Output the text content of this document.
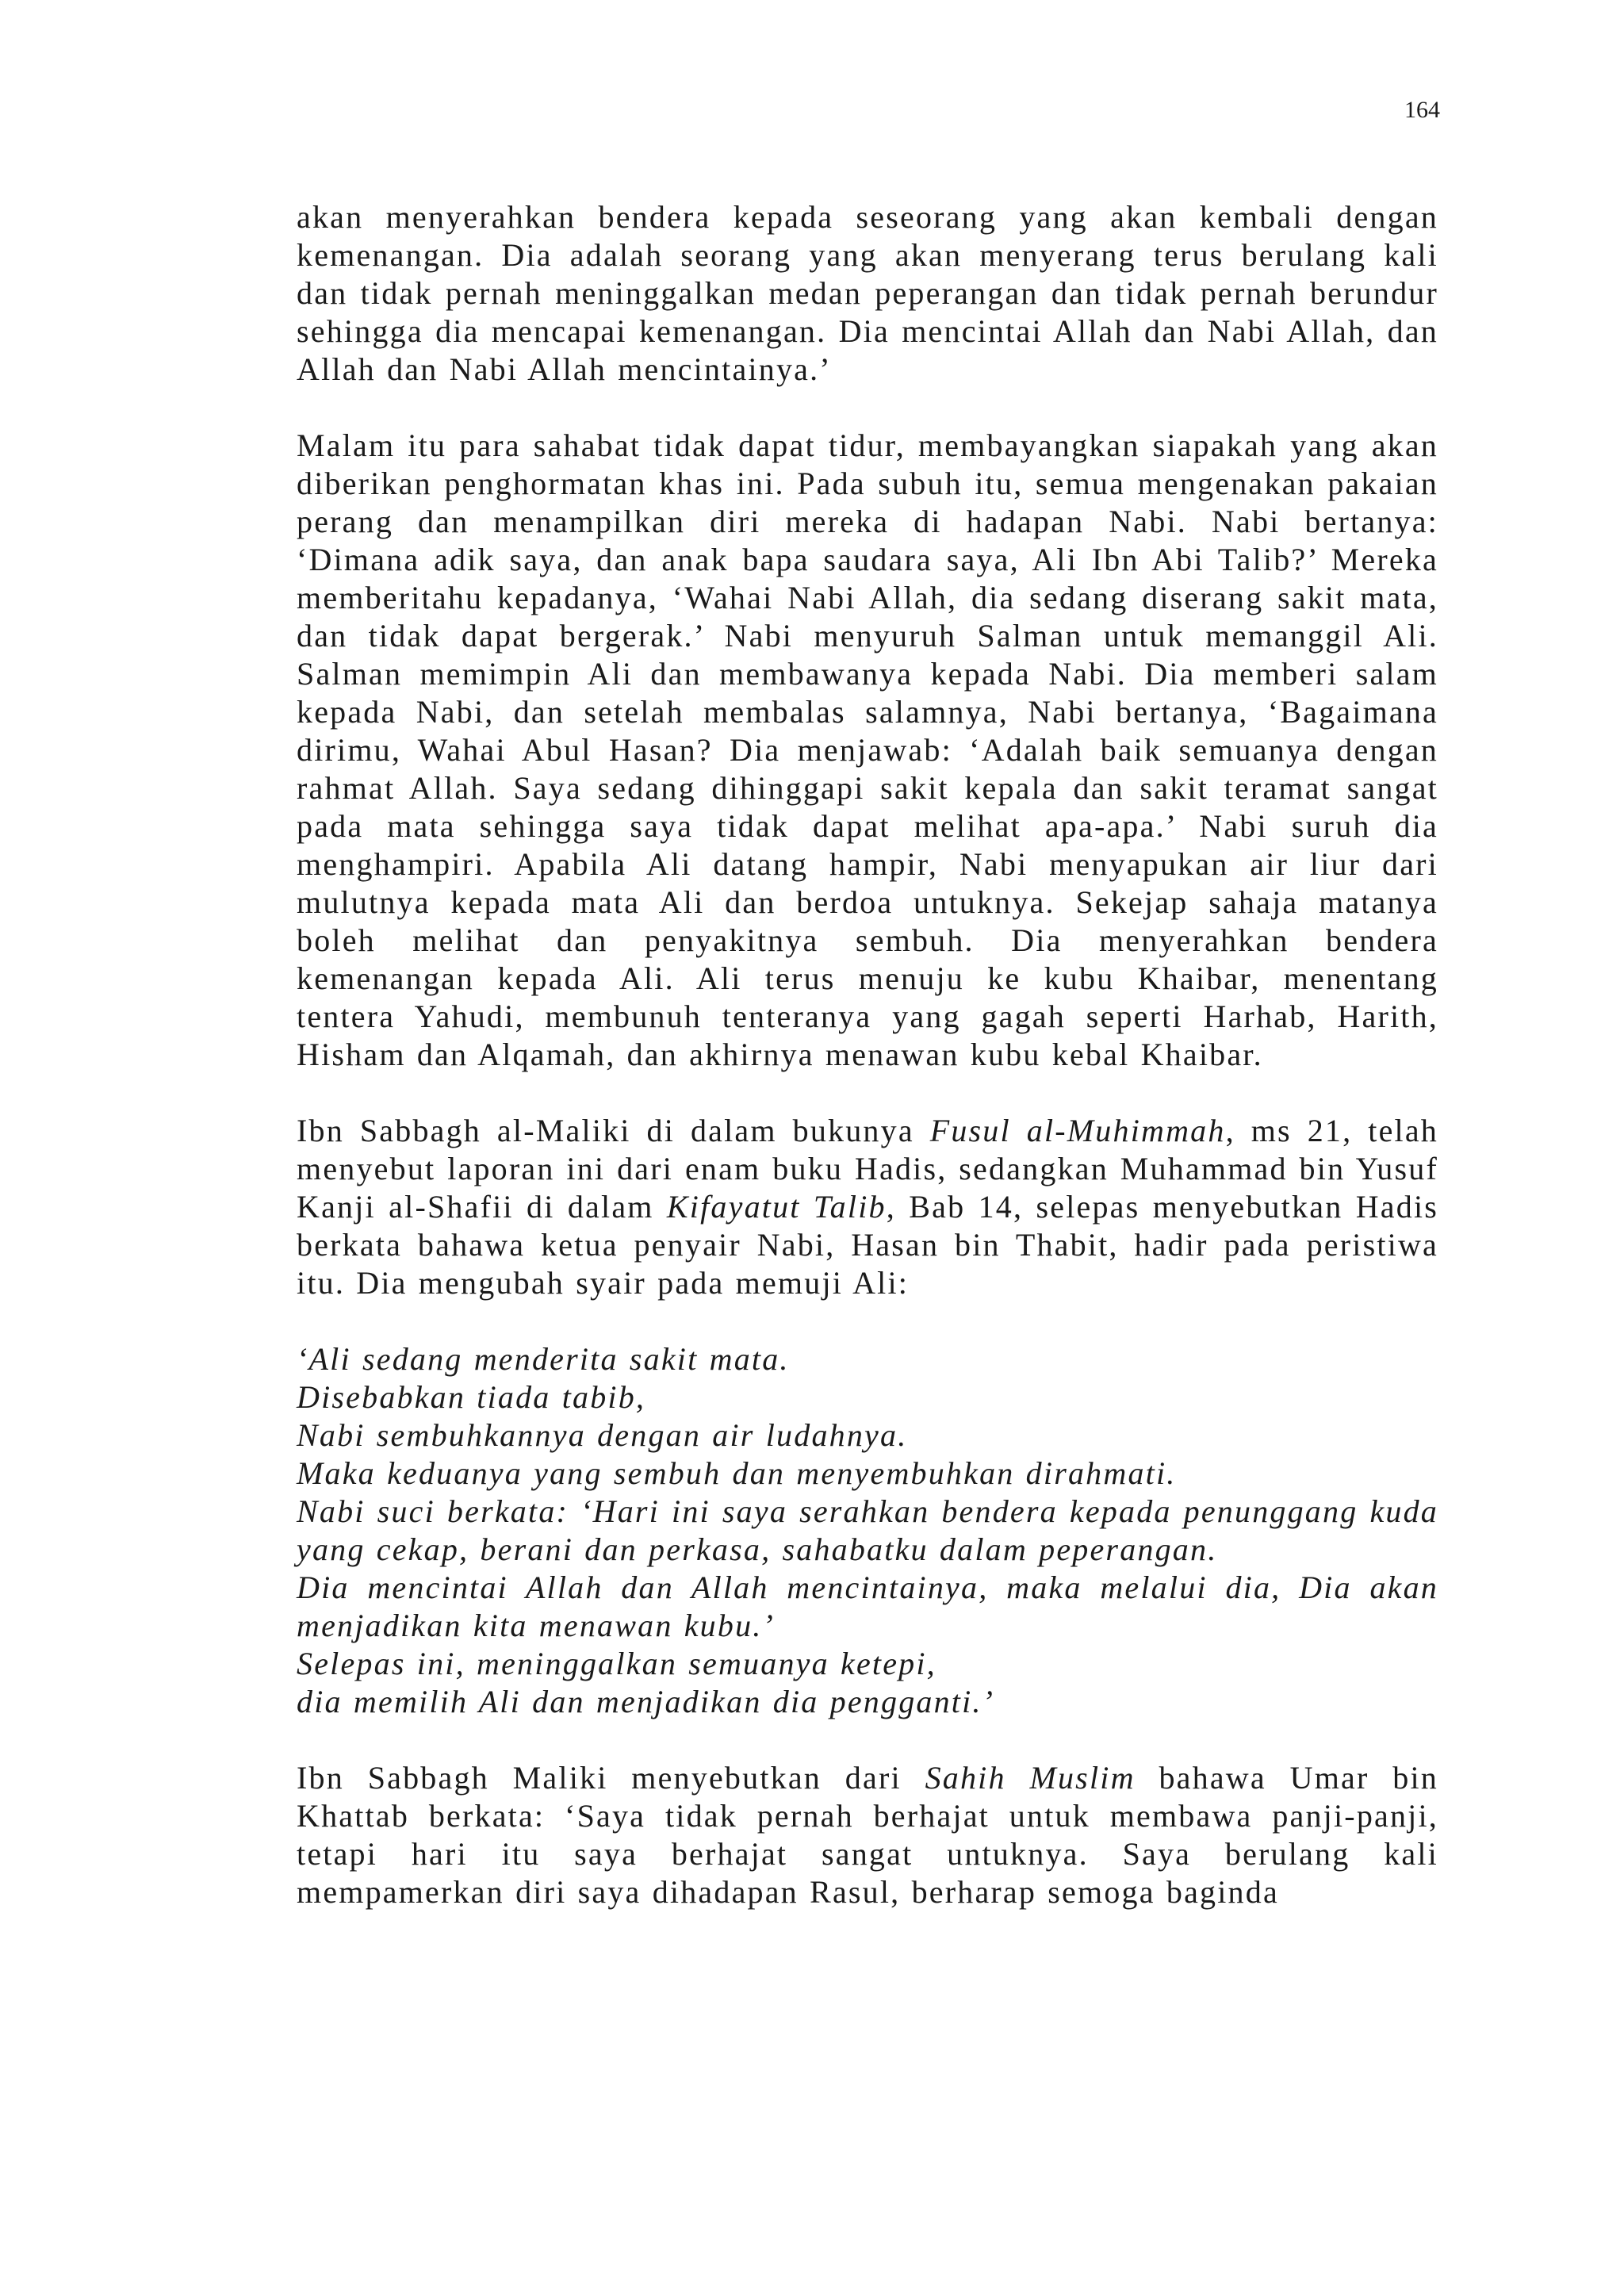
164

akan menyerahkan bendera kepada seseorang yang akan kembali dengan kemenangan. Dia adalah seorang yang akan menyerang terus berulang kali dan tidak pernah meninggalkan medan peperangan dan tidak pernah berundur sehingga dia mencapai kemenangan. Dia mencintai Allah dan Nabi Allah, dan Allah dan Nabi Allah mencintainya.’

Malam itu para sahabat tidak dapat tidur, membayangkan siapakah yang akan diberikan penghormatan khas ini. Pada subuh itu, semua mengenakan pakaian perang dan menampilkan diri mereka di hadapan Nabi. Nabi bertanya: ‘Dimana adik saya, dan anak bapa saudara saya, Ali Ibn Abi Talib?’ Mereka memberitahu kepadanya, ‘Wahai Nabi Allah, dia sedang diserang sakit mata, dan tidak dapat bergerak.’ Nabi menyuruh Salman untuk memanggil Ali. Salman memimpin Ali dan membawanya kepada Nabi. Dia memberi salam kepada Nabi, dan setelah membalas salamnya, Nabi bertanya, ‘Bagaimana dirimu, Wahai Abul Hasan? Dia menjawab: ‘Adalah baik semuanya dengan rahmat Allah. Saya sedang dihinggapi sakit kepala dan sakit teramat sangat pada mata sehingga saya tidak dapat melihat apa-apa.’ Nabi suruh dia menghampiri. Apabila Ali datang hampir, Nabi menyapukan air liur dari mulutnya kepada mata Ali dan berdoa untuknya. Sekejap sahaja matanya boleh melihat dan penyakitnya sembuh. Dia menyerahkan bendera kemenangan kepada Ali. Ali terus menuju ke kubu Khaibar, menentang tentera Yahudi, membunuh tenteranya yang gagah seperti Harhab, Harith, Hisham dan Alqamah, dan akhirnya menawan kubu kebal Khaibar.

Ibn Sabbagh al-Maliki di dalam bukunya Fusul al-Muhimmah, ms 21, telah menyebut laporan ini dari enam buku Hadis, sedangkan Muhammad bin Yusuf Kanji al-Shafii di dalam Kifayatut Talib, Bab 14, selepas menyebutkan Hadis berkata bahawa ketua penyair Nabi, Hasan bin Thabit, hadir pada peristiwa itu. Dia mengubah syair pada memuji Ali:

‘Ali sedang menderita sakit mata.
Disebabkan tiada tabib,
Nabi sembuhkannya dengan air ludahnya.
Maka keduanya yang sembuh dan menyembuhkan dirahmati.
Nabi suci berkata: ‘Hari ini saya serahkan bendera kepada penunggang kuda yang cekap, berani dan perkasa, sahabatku dalam peperangan.
Dia mencintai Allah dan Allah mencintainya, maka melalui dia, Dia akan menjadikan kita menawan kubu.’
Selepas ini, meninggalkan semuanya ketepi,
dia memilih Ali dan menjadikan dia pengganti.’

Ibn Sabbagh Maliki menyebutkan dari Sahih Muslim bahawa Umar bin Khattab berkata: ‘Saya tidak pernah berhajat untuk membawa panji-panji, tetapi hari itu saya berhajat sangat untuknya. Saya berulang kali mempamerkan diri saya dihadapan Rasul, berharap semoga baginda
